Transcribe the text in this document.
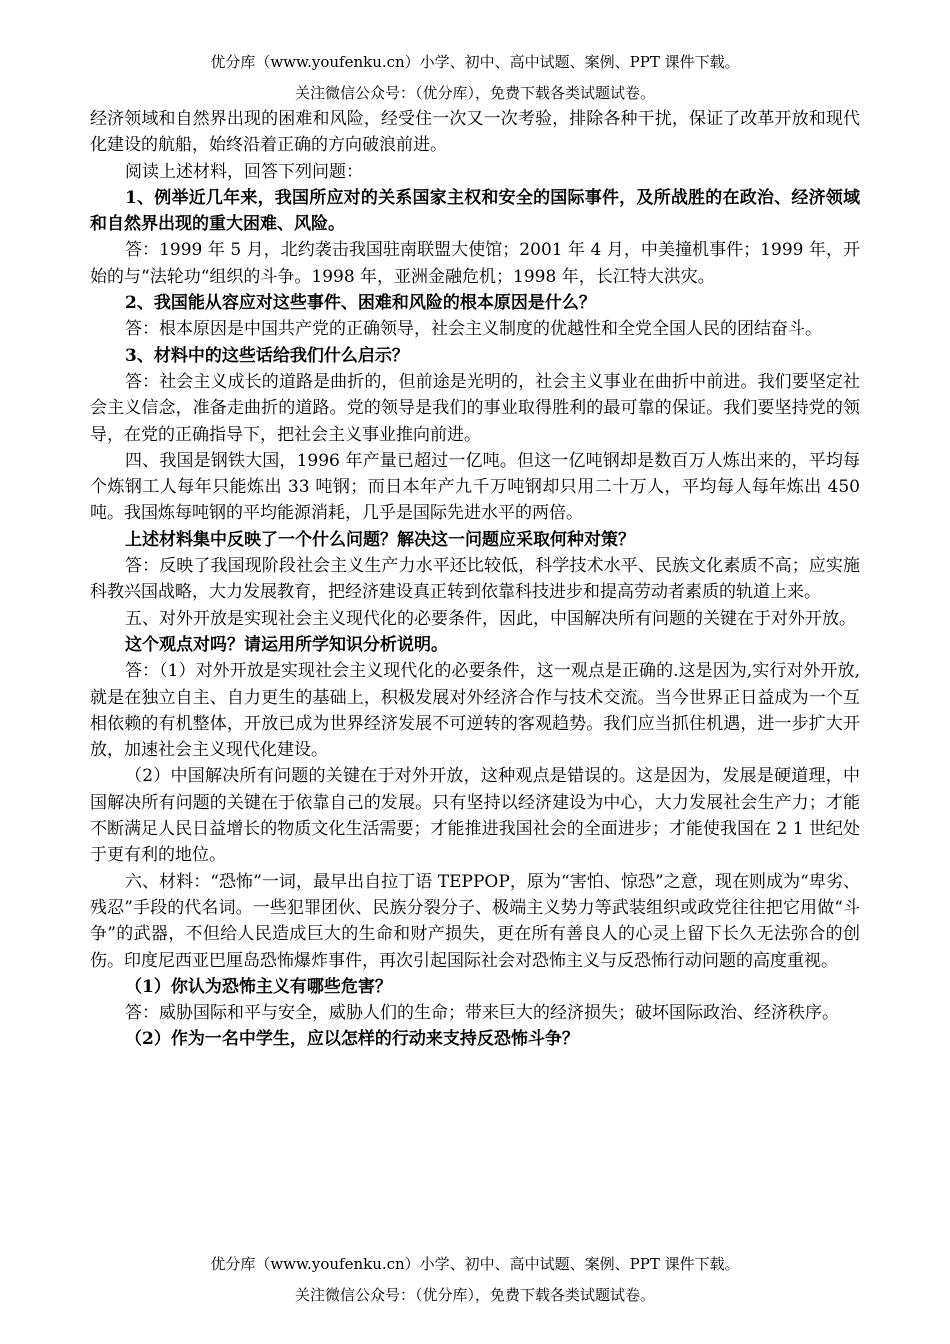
优分库（www.youfenku.cn）小学、初中、高中试题、案例、PPT 课件下载。
关注微信公众号：（优分库），免费下载各类试题试卷。

经济领域和自然界出现的困难和风险，经受住一次又一次考验，排除各种干扰，保证了改革开放和现代化建设的航船，始终沿着正确的方向破浪前进。

阅读上述材料，回答下列问题：

1、例举近几年来，我国所应对的关系国家主权和安全的国际事件，及所战胜的在政治、经济领域和自然界出现的重大困难、风险。

答：1999 年 5 月，北约袭击我国驻南联盟大使馆；2001 年 4 月，中美撞机事件；1999 年，开始的与“法轮功“组织的斗争。1998 年，亚洲金融危机；1998 年，长江特大洪灾。

2、我国能从容应对这些事件、困难和风险的根本原因是什么？

答：根本原因是中国共产党的正确领导，社会主义制度的优越性和全党全国人民的团结奋斗。

3、材料中的这些话给我们什么启示？

答：社会主义成长的道路是曲折的，但前途是光明的，社会主义事业在曲折中前进。我们要坚定社会主义信念，准备走曲折的道路。党的领导是我们的事业取得胜利的最可靠的保证。我们要坚持党的领导，在党的正确指导下，把社会主义事业推向前进。

四、我国是钢铁大国，1996 年产量已超过一亿吨。但这一亿吨钢却是数百万人炼出来的，平均每个炼钢工人每年只能炼出 33 吨钢；而日本年产九千万吨钢却只用二十万人，平均每人每年炼出 450 吨。我国炼每吨钢的平均能源消耗，几乎是国际先进水平的两倍。

上述材料集中反映了一个什么问题？解决这一问题应采取何种对策？

答：反映了我国现阶段社会主义生产力水平还比较低，科学技术水平、民族文化素质不高；应实施科教兴国战略，大力发展教育，把经济建设真正转到依靠科技进步和提高劳动者素质的轨道上来。

五、对外开放是实现社会主义现代化的必要条件，因此，中国解决所有问题的关键在于对外开放。

这个观点对吗？请运用所学知识分析说明。

答：（1）对外开放是实现社会主义现代化的必要条件，这一观点是正确的.这是因为,实行对外开放,就是在独立自主、自力更生的基础上，积极发展对外经济合作与技术交流。当今世界正日益成为一个互相依赖的有机整体，开放已成为世界经济发展不可逆转的客观趋势。我们应当抓住机遇，进一步扩大开放，加速社会主义现代化建设。

（2）中国解决所有问题的关键在于对外开放，这种观点是错误的。这是因为，发展是硬道理，中国解决所有问题的关键在于依靠自己的发展。只有坚持以经济建设为中心，大力发展社会生产力；才能不断满足人民日益增长的物质文化生活需要；才能推进我国社会的全面进步；才能使我国在 2 1 世纪处于更有利的地位。

六、材料：“恐怖”一词，最早出自拉丁语 TEPPOP，原为“害怕、惊恐”之意，现在则成为“卑劣、残忍”手段的代名词。一些犯罪团伙、民族分裂分子、极端主义势力等武装组织或政党往往把它用做“斗争”的武器，不但给人民造成巨大的生命和财产损失，更在所有善良人的心灵上留下长久无法弥合的创伤。印度尼西亚巴厘岛恐怖爆炸事件，再次引起国际社会对恐怖主义与反恐怖行动问题的高度重视。

（1）你认为恐怖主义有哪些危害？

答：威胁国际和平与安全，威胁人们的生命；带来巨大的经济损失；破坏国际政治、经济秩序。

（2）作为一名中学生，应以怎样的行动来支持反恐怖斗争？

优分库（www.youfenku.cn）小学、初中、高中试题、案例、PPT 课件下载。
关注微信公众号：（优分库），免费下载各类试题试卷。
